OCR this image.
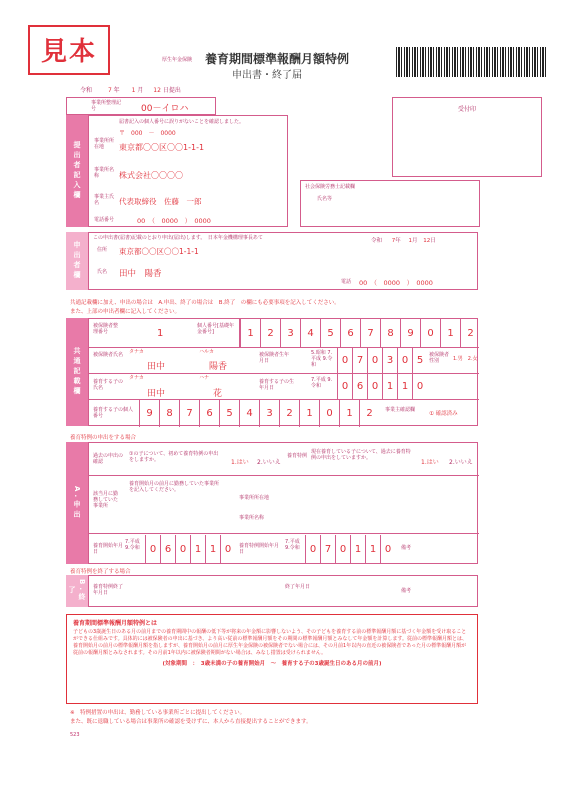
見本	厚生年金保険 養育期間標準報酬月額特例
申出書・終了届
令和	7 年 1 月 12 日提出
受付印
事業所整理記号	00－イロハ
提出者記入欄
届書記入の個人番号に誤りがないことを確認しました。
〒　000　－　0000
事業所所在地	東京都〇〇区〇〇1-1-1
事業所名称	株式会社〇〇〇〇
事業主氏名	代表取締役　佐藤　一郎
電話番号	00　（　0000　）　0000
社会保険労務士記載欄
氏名等
申出者欄
この申出書(届書)記載のとおり申出(届出)します。　日本年金機構理事長あて	令和 7年 1月 12日
住所 東京都〇〇区〇〇1-1-1
氏名 田中　陽香
電話 00　（　0000　）　0000
共通記載欄に加え、申出の場合は　A.申出、終了の場合は　B.終了　の欄にも必要事項を記入してください。
また、上部の申出者欄に記入してください。
共通記載欄
被保険者整理番号	1
個人番号[基礎年金番号]	1	2	3	4	5	6	7	8	9	0	1	2
被保険者氏名 タナカ	ハルカ
田中	陽香
被保険者生年月日
5.昭和 7.平成 9.令和	0 7 0 3 0 5	被保険者性別	1.男　2.女
養育する子の氏名
タナカ	ハナ
田中	花
養育する子の生年月日
7.平成 9.令和	0 6 0 1 1 0
養育する子の個人番号	9	8	7	6	5	4	3	2	1	0	1	2	事業主確認欄
① 確認済み
養育特例の申出をする場合
A.申出
過去の申出の確認
①の子について、初めて養育特例の申出をしますか。	1.はい 2.いいえ
養育特例
現在養育している子について、過去に養育特例の申出をしていますか。
1.はい 2.いいえ
該当月に勤務していた事業所
養育開始月の前月に勤務していた事業所を記入してください。
事業所所在地
事業所名称
養育開始年月日
7.平成 9.令和	0 6 0 1 1 0	養育特例開始年月日
7.平成 9.令和	0 7 0 1 1 0	備考
養育特例を終了する場合
B.終了	養育特例終了年月日
終了年月日
備考
養育期間標準報酬月額特例とは
子どもの3歳誕生日のある月の前月までの養育期間中の報酬の低下等が将来の年金額に影響しないよう、その子どもを養育する前の標準報酬月額に基づく年金額を受け取ることができる仕組みです。具体的には被保険者の申出に基づき、より高い従前の標準報酬月額をその期間の標準報酬月額とみなして年金額を計算します。従前の標準報酬月額とは、養育開始月の前月の標準報酬月額を指しますが、養育開始月の前月に厚生年金保険の被保険者でない場合には、その月前1年以内の直近の被保険者であった月の標準報酬月額が従前の報酬月額とみなされます。その月前1年以内に被保険者期間がない場合は、みなし措置は受けられません。
(対象期間　：　3歳未満の子の養育開始月　～　養育する子の3歳誕生日のある月の前月)
※　特例措置の申出は、勤務している事業所ごとに提出してください。
また、既に退職している場合は事業所の確認を受けずに、本人から直接提出することができます。
523
